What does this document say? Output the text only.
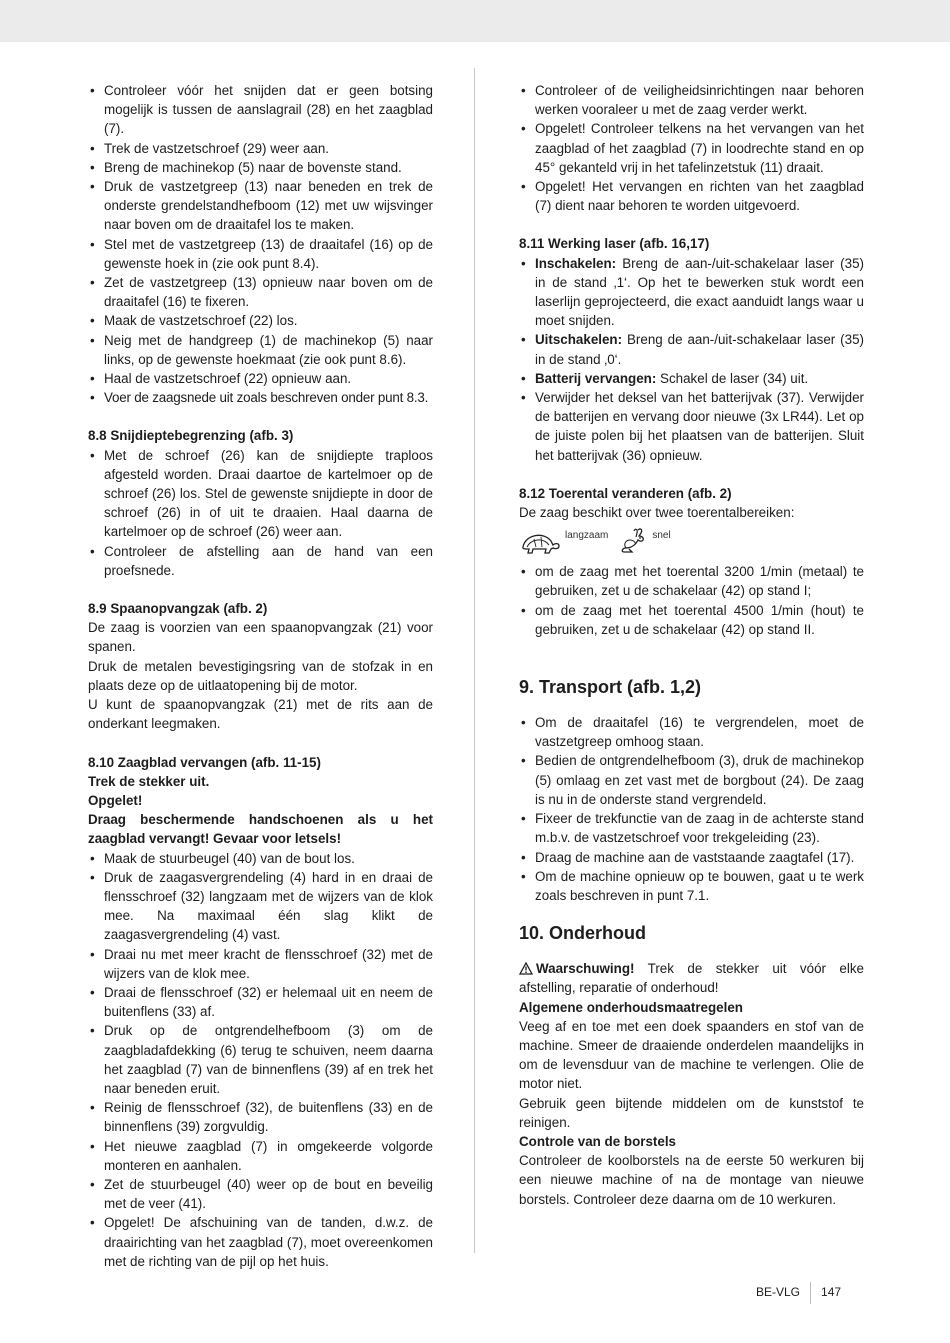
• Controleer vóór het snijden dat er geen botsing mogelijk is tussen de aanslagrail (28) en het zaagblad (7).
• Trek de vastzetschroef (29) weer aan.
• Breng de machinekop (5) naar de bovenste stand.
• Druk de vastzetgreep (13) naar beneden en trek de onderste grendelstandhefboom (12) met uw wijsvinger naar boven om de draaitafel los te maken.
• Stel met de vastzetgreep (13) de draaitafel (16) op de gewenste hoek in (zie ook punt 8.4).
• Zet de vastzetgreep (13) opnieuw naar boven om de draaitafel (16) te fixeren.
• Maak de vastzetschroef (22) los.
• Neig met de handgreep (1) de machinekop (5) naar links, op de gewenste hoekmaat (zie ook punt 8.6).
• Haal de vastzetschroef (22) opnieuw aan.
• Voer de zaagsnede uit zoals beschreven onder punt 8.3.

8.8 Snijdieptebegrenzing (afb. 3)

• Met de schroef (26) kan de snijdiepte traploos afgesteld worden. Draai daartoe de kartelmoer op de schroef (26) los. Stel de gewenste snijdiepte in door de schroef (26) in of uit te draaien. Haal daarna de kartelmoer op de schroef (26) weer aan.
• Controleer de afstelling aan de hand van een proefsnede.

8.9 Spaanopvangzak (afb. 2)

De zaag is voorzien van een spaanopvangzak (21) voor spanen.

Druk de metalen bevestigingsring van de stofzak in en plaats deze op de uitlaatopening bij de motor.

U kunt de spaanopvangzak (21) met de rits aan de onderkant leegmaken.

8.10 Zaagblad vervangen (afb. 11-15)

Trek de stekker uit.

Opgelet!

Draag beschermende handschoenen als u het zaagblad vervangt! Gevaar voor letsels!

• Maak de stuurbeugel (40) van de bout los.
• Druk de zaagasvergrendeling (4) hard in en draai de flensschroef (32) langzaam met de wijzers van de klok mee. Na maximaal één slag klikt de zaagasvergrendeling (4) vast.
• Draai nu met meer kracht de flensschroef (32) met de wijzers van de klok mee.
• Draai de flensschroef (32) er helemaal uit en neem de buitenflens (33) af.
• Druk op de ontgrendelhefboom (3) om de zaagbladafdekking (6) terug te schuiven, neem daarna het zaagblad (7) van de binnenflens (39) af en trek het naar beneden eruit.
• Reinig de flensschroef (32), de buitenflens (33) en de binnenflens (39) zorgvuldig.
• Het nieuwe zaagblad (7) in omgekeerde volgorde monteren en aanhalen.
• Zet de stuurbeugel (40) weer op de bout en beveilig met de veer (41).
• Opgelet! De afschuining van de tanden, d.w.z. de draairichting van het zaagblad (7), moet overeenkomen met de richting van de pijl op het huis.
• Controleer of de veiligheidsinrichtingen naar behoren werken vooraleer u met de zaag verder werkt.
• Opgelet! Controleer telkens na het vervangen van het zaagblad of het zaagblad (7) in loodrechte stand en op 45° gekanteld vrij in het tafelinzetstuk (11) draait.
• Opgelet! Het vervangen en richten van het zaagblad (7) dient naar behoren te worden uitgevoerd.

8.11 Werking laser (afb. 16,17)

• Inschakelen: Breng de aan-/uit-schakelaar laser (35) in de stand ‚1‘. Op het te bewerken stuk wordt een laserlijn geprojecteerd, die exact aanduidt langs waar u moet snijden.
• Uitschakelen: Breng de aan-/uit-schakelaar laser (35) in de stand ‚0‘.
• Batterij vervangen: Schakel de laser (34) uit.
• Verwijder het deksel van het batterijvak (37). Verwijder de batterijen en vervang door nieuwe (3x LR44). Let op de juiste polen bij het plaatsen van de batterijen. Sluit het batterijvak (36) opnieuw.

8.12 Toerental veranderen (afb. 2)

De zaag beschikt over twee toerentalbereiken:

langzaam	snel
• om de zaag met het toerental 3200 1/min (metaal) te gebruiken, zet u de schakelaar (42) op stand I;
• om de zaag met het toerental 4500 1/min (hout) te gebruiken, zet u de schakelaar (42) op stand II.

9. Transport (afb. 1,2)

• Om de draaitafel (16) te vergrendelen, moet de vastzetgreep omhoog staan.
• Bedien de ontgrendelhefboom (3), druk de machinekop (5) omlaag en zet vast met de borgbout (24). De zaag is nu in de onderste stand vergrendeld.
• Fixeer de trekfunctie van de zaag in de achterste stand m.b.v. de vastzetschroef voor trekgeleiding (23).
• Draag de machine aan de vaststaande zaagtafel (17).
• Om de machine opnieuw op te bouwen, gaat u te werk zoals beschreven in punt 7.1.

10. Onderhoud

Waarschuwing! Trek de stekker uit vóór elke afstelling, reparatie of onderhoud!

Algemene onderhoudsmaatregelen

Veeg af en toe met een doek spaanders en stof van de machine. Smeer de draaiende onderdelen maandelijks in om de levensduur van de machine te verlengen. Olie de motor niet.

Gebruik geen bijtende middelen om de kunststof te reinigen.

Controle van de borstels

Controleer de koolborstels na de eerste 50 werkuren bij een nieuwe machine of na de montage van nieuwe borstels. Controleer deze daarna om de 10 werkuren.

BE-VLG 147
